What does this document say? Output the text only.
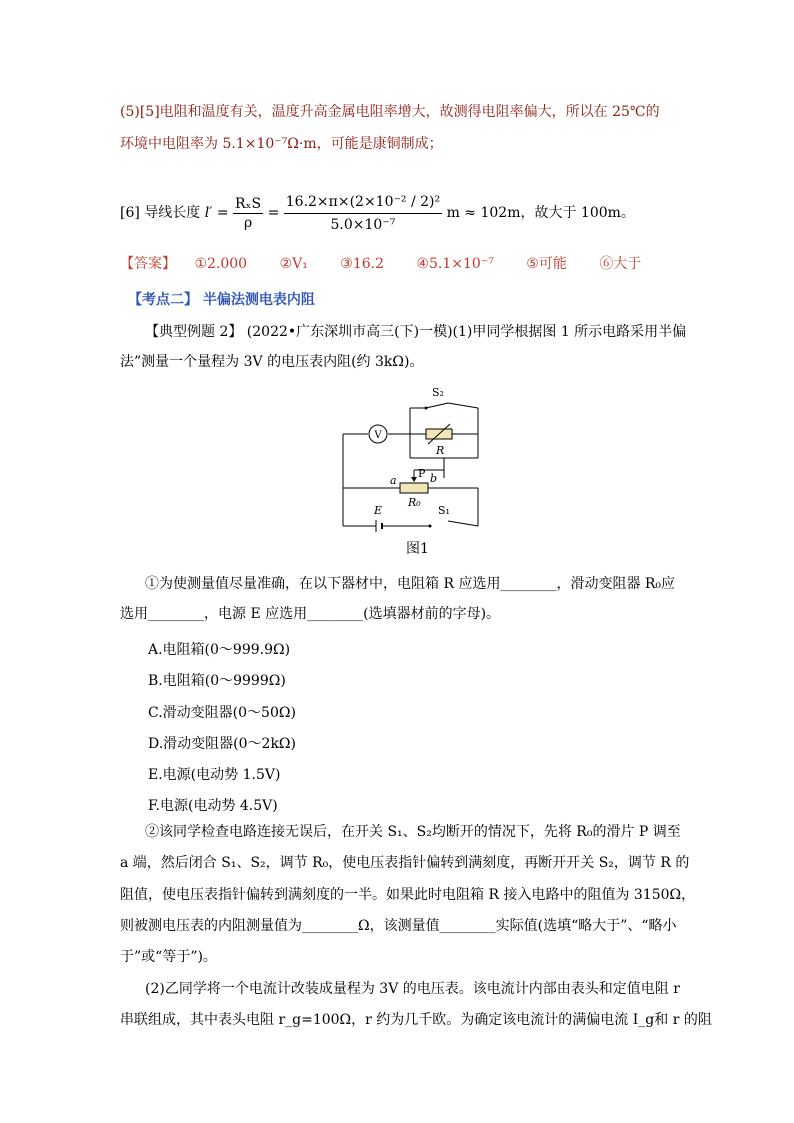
(5)[5]电阻和温度有关，温度升高金属电阻率增大，故测得电阻率偏大，所以在 25℃的
环境中电阻率为 5.1×10⁻⁷Ω·m，可能是康铜制成；
[6] 导线长度 $l' = \frac{\text{RₓS}}{\rho} = \frac{\text{16.2×π×(2×10⁻² / 2)²}}{\text{5.0×10⁻⁷}}$ m ≈ 102m，故大于 100m。
【答案】 ①2.000 ②V₁ ③16.2 ④5.1×10⁻⁷ ⑤可能 ⑥大于
【考点二】 半偏法测电表内阻
【典型例题 2】 (2022•广东深圳市高三(下)一模)(1)甲同学根据图 1 所示电路采用半偏
法”测量一个量程为 3V 的电压表内阻(约 3kΩ)。
V
S₂
R
a
P b
R₀
E	S₁
图1
①为使测量值尽量准确，在以下器材中，电阻箱 R 应选用________，滑动变阻器 R₀应
选用________，电源 E 应选用________(选填器材前的字母)。
A.电阻箱(0～999.9Ω)
B.电阻箱(0～9999Ω)
C.滑动变阻器(0～50Ω)
D.滑动变阻器(0～2kΩ)
E.电源(电动势 1.5V)
F.电源(电动势 4.5V)
②该同学检查电路连接无误后，在开关 S₁、S₂均断开的情况下，先将 R₀的滑片 P 调至
a 端，然后闭合 S₁、S₂，调节 R₀，使电压表指针偏转到满刻度，再断开开关 S₂，调节 R 的
阻值，使电压表指针偏转到满刻度的一半。如果此时电阻箱 R 接入电路中的阻值为 3150Ω，
则被测电压表的内阻测量值为________Ω，该测量值________实际值(选填“略大于”、“略小
于”或“等于”)。
(2)乙同学将一个电流计改装成量程为 3V 的电压表。该电流计内部由表头和定值电阻 r
串联组成，其中表头电阻 r_g=100Ω，r 约为几千欧。为确定该电流计的满偏电流 I_g和 r 的阻
